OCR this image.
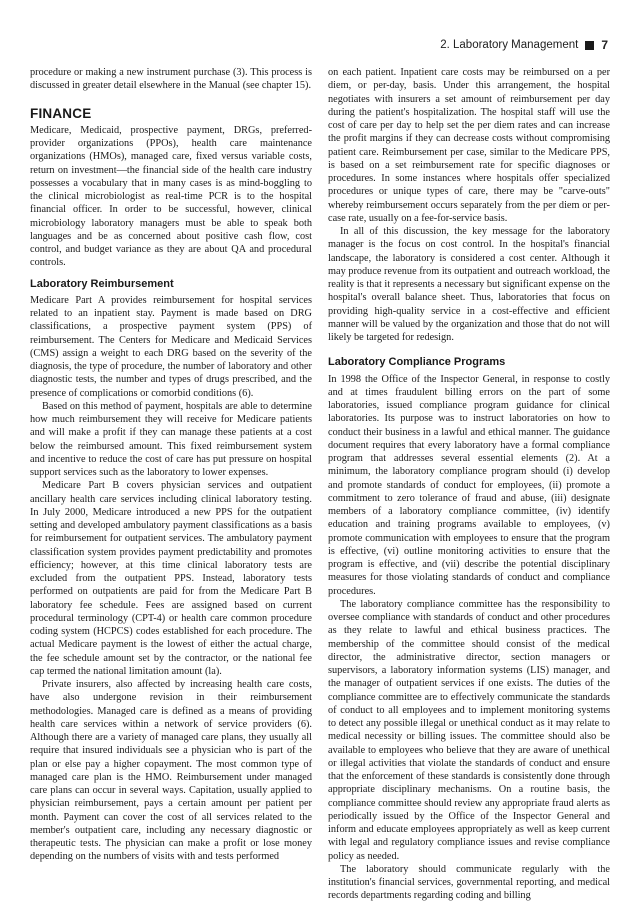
2. Laboratory Management 7

procedure or making a new instrument purchase (3). This process is discussed in greater detail elsewhere in the Manual (see chapter 15).

FINANCE

Medicare, Medicaid, prospective payment, DRGs, preferred-provider organizations (PPOs), health care maintenance organizations (HMOs), managed care, fixed versus variable costs, return on investment—the financial side of the health care industry possesses a vocabulary that in many cases is as mind-boggling to the clinical microbiologist as real-time PCR is to the hospital financial officer. In order to be successful, however, clinical microbiology laboratory managers must be able to speak both languages and be as concerned about positive cash flow, cost control, and budget variance as they are about QA and procedural controls.

Laboratory Reimbursement

Medicare Part A provides reimbursement for hospital services related to an inpatient stay. Payment is made based on DRG classifications, a prospective payment system (PPS) of reimbursement. The Centers for Medicare and Medicaid Services (CMS) assign a weight to each DRG based on the severity of the diagnosis, the type of procedure, the number of laboratory and other diagnostic tests, the number and types of drugs prescribed, and the presence of complications or comorbid conditions (6).

Based on this method of payment, hospitals are able to determine how much reimbursement they will receive for Medicare patients and will make a profit if they can manage these patients at a cost below the reimbursed amount. This fixed reimbursement system and incentive to reduce the cost of care has put pressure on hospital support services such as the laboratory to lower expenses.

Medicare Part B covers physician services and outpatient ancillary health care services including clinical laboratory testing. In July 2000, Medicare introduced a new PPS for the outpatient setting and developed ambulatory payment classifications as a basis for reimbursement for outpatient services. The ambulatory payment classification system provides payment predictability and promotes efficiency; however, at this time clinical laboratory tests are excluded from the outpatient PPS. Instead, laboratory tests performed on outpatients are paid for from the Medicare Part B laboratory fee schedule. Fees are assigned based on current procedural terminology (CPT-4) or health care common procedure coding system (HCPCS) codes established for each procedure. The actual Medicare payment is the lowest of either the actual charge, the fee schedule amount set by the contractor, or the national fee cap termed the national limitation amount (la).

Private insurers, also affected by increasing health care costs, have also undergone revision in their reimbursement methodologies. Managed care is defined as a means of providing health care services within a network of service providers (6). Although there are a variety of managed care plans, they usually all require that insured individuals see a physician who is part of the plan or else pay a higher copayment. The most common type of managed care plan is the HMO. Reimbursement under managed care plans can occur in several ways. Capitation, usually applied to physician reimbursement, pays a certain amount per patient per month. Payment can cover the cost of all services related to the member's outpatient care, including any necessary diagnostic or therapeutic tests. The physician can make a profit or lose money depending on the numbers of visits with and tests performed

on each patient. Inpatient care costs may be reimbursed on a per diem, or per-day, basis. Under this arrangement, the hospital negotiates with insurers a set amount of reimbursement per day during the patient's hospitalization. The hospital staff will use the cost of care per day to help set the per diem rates and can increase the profit margins if they can decrease costs without compromising patient care. Reimbursement per case, similar to the Medicare PPS, is based on a set reimbursement rate for specific diagnoses or procedures. In some instances where hospitals offer specialized procedures or unique types of care, there may be "carve-outs" whereby reimbursement occurs separately from the per diem or per-case rate, usually on a fee-for-service basis.

In all of this discussion, the key message for the laboratory manager is the focus on cost control. In the hospital's financial landscape, the laboratory is considered a cost center. Although it may produce revenue from its outpatient and outreach workload, the reality is that it represents a necessary but significant expense on the hospital's overall balance sheet. Thus, laboratories that focus on providing high-quality service in a cost-effective and efficient manner will be valued by the organization and those that do not will likely be targeted for redesign.

Laboratory Compliance Programs

In 1998 the Office of the Inspector General, in response to costly and at times fraudulent billing errors on the part of some laboratories, issued compliance program guidance for clinical laboratories. Its purpose was to instruct laboratories on how to conduct their business in a lawful and ethical manner. The guidance document requires that every laboratory have a formal compliance program that addresses several essential elements (2). At a minimum, the laboratory compliance program should (i) develop and promote standards of conduct for employees, (ii) promote a commitment to zero tolerance of fraud and abuse, (iii) designate members of a laboratory compliance committee, (iv) identify education and training programs available to employees, (v) promote communication with employees to ensure that the program is effective, (vi) outline monitoring activities to ensure that the program is effective, and (vii) describe the potential disciplinary measures for those violating standards of conduct and compliance procedures.

The laboratory compliance committee has the responsibility to oversee compliance with standards of conduct and other procedures as they relate to lawful and ethical business practices. The membership of the committee should consist of the medical director, the administrative director, section managers or supervisors, a laboratory information systems (LIS) manager, and the manager of outpatient services if one exists. The duties of the compliance committee are to effectively communicate the standards of conduct to all employees and to implement monitoring systems to detect any possible illegal or unethical conduct as it may relate to medical necessity or billing issues. The committee should also be available to employees who believe that they are aware of unethical or illegal activities that violate the standards of conduct and ensure that the enforcement of these standards is consistently done through appropriate disciplinary mechanisms. On a routine basis, the compliance committee should review any appropriate fraud alerts as periodically issued by the Office of the Inspector General and inform and educate employees appropriately as well as keep current with legal and regulatory compliance issues and revise compliance policy as needed.

The laboratory should communicate regularly with the institution's financial services, governmental reporting, and medical records departments regarding coding and billing
